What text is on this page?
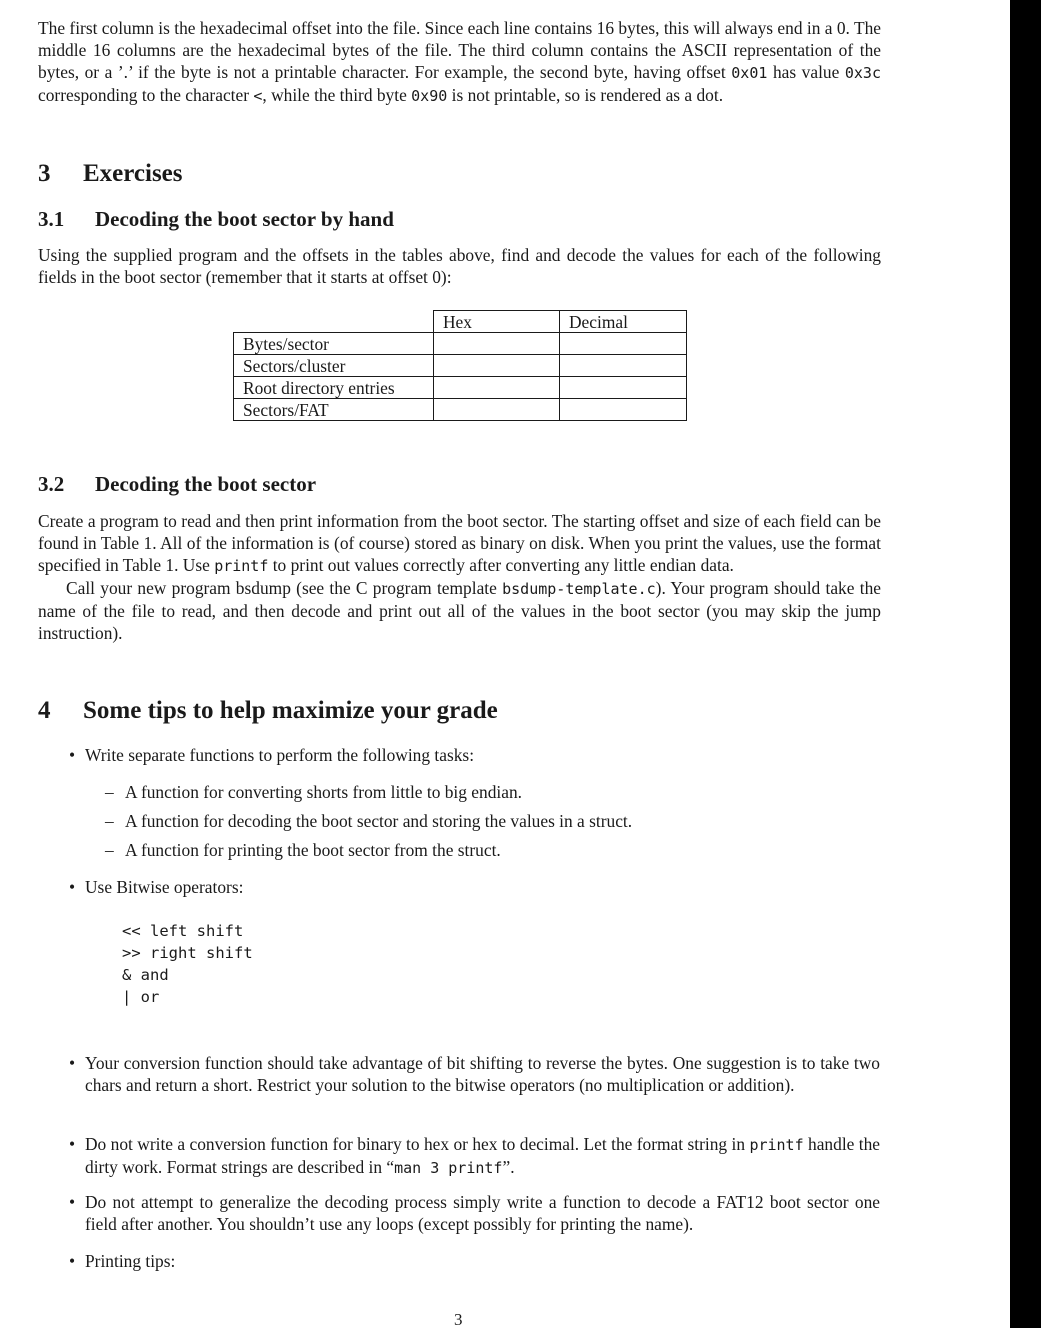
The first column is the hexadecimal offset into the file. Since each line contains 16 bytes, this will always end in a 0. The middle 16 columns are the hexadecimal bytes of the file. The third column contains the ASCII representation of the bytes, or a ’.’ if the byte is not a printable character. For example, the second byte, having offset 0x01 has value 0x3c corresponding to the character <, while the third byte 0x90 is not printable, so is rendered as a dot.

3 Exercises
3.1 Decoding the boot sector by hand

Using the supplied program and the offsets in the tables above, find and decode the values for each of the following fields in the boot sector (remember that it starts at offset 0):

	Hex	Decimal
Bytes/sector		
Sectors/cluster		
Root directory entries		
Sectors/FAT		
3.2 Decoding the boot sector

Create a program to read and then print information from the boot sector. The starting offset and size of each field can be found in Table 1. All of the information is (of course) stored as binary on disk. When you print the values, use the format specified in Table 1. Use printf to print out values correctly after converting any little endian data.

Call your new program bsdump (see the C program template bsdump-template.c). Your program should take the name of the file to read, and then decode and print out all of the values in the boot sector (you may skip the jump instruction).

4 Some tips to help maximize your grade
• Write separate functions to perform the following tasks:
– A function for converting shorts from little to big endian.
– A function for decoding the boot sector and storing the values in a struct.
– A function for printing the boot sector from the struct.
• Use Bitwise operators:
<< left shift
>> right shift
& and
| or
• Your conversion function should take advantage of bit shifting to reverse the bytes. One suggestion is to take two chars and return a short. Restrict your solution to the bitwise operators (no multiplication or addition).
• Do not write a conversion function for binary to hex or hex to decimal. Let the format string in printf handle the dirty work. Format strings are described in “man 3 printf”.
• Do not attempt to generalize the decoding process simply write a function to decode a FAT12 boot sector one field after another. You shouldn’t use any loops (except possibly for printing the name).
• Printing tips:
3
